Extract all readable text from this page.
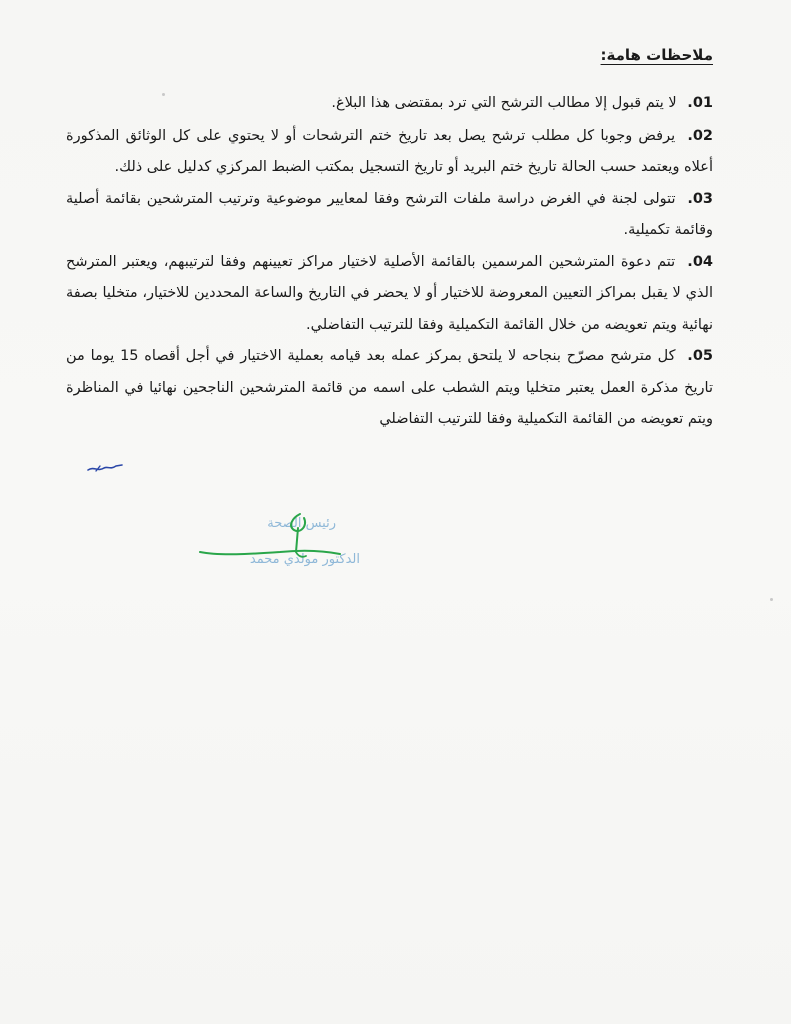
ملاحظات هامة:
01. لا يتم قبول إلا مطالب الترشح التي ترد بمقتضى هذا البلاغ.
02. يرفض وجوبا كل مطلب ترشح يصل بعد تاريخ ختم الترشحات أو لا يحتوي على كل الوثائق المذكورة أعلاه ويعتمد حسب الحالة تاريخ ختم البريد أو تاريخ التسجيل بمكتب الضبط المركزي كدليل على ذلك.
03. تتولى لجنة في الغرض دراسة ملفات الترشح وفقا لمعايير موضوعية وترتيب المترشحين بقائمة أصلية وقائمة تكميلية.
04. تتم دعوة المترشحين المرسمين بالقائمة الأصلية لاختيار مراكز تعيينهم وفقا لترتيبهم، ويعتبر المترشح الذي لا يقبل بمراكز التعيين المعروضة للاختيار أو لا يحضر في التاريخ والساعة المحددين للاختيار، متخليا بصفة نهائية ويتم تعويضه من خلال القائمة التكميلية وفقا للترتيب التفاضلي.
05. كل مترشح مصرّح بنجاحه لا يلتحق بمركز عمله بعد قيامه بعملية الاختيار في أجل أقصاه 15 يوما من تاريخ مذكرة العمل يعتبر متخليا ويتم الشطب على اسمه من قائمة المترشحين الناجحين نهائيا في المناظرة ويتم تعويضه من القائمة التكميلية وفقا للترتيب التفاضلي
رئيس الصحة
الدكتور مولدي محمد
